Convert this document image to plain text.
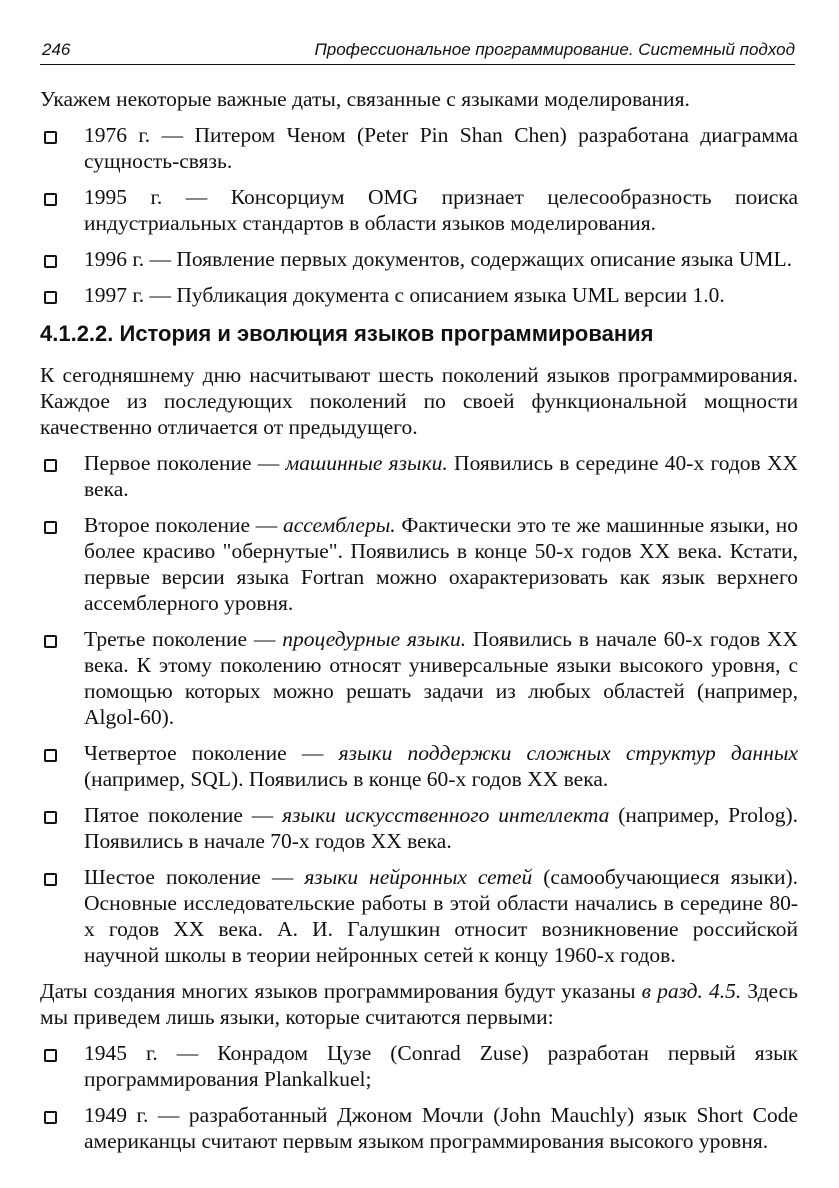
246	Профессиональное программирование. Системный подход

Укажем некоторые важные даты, связанные с языками моделирования.

1976 г. — Питером Ченом (Peter Pin Shan Chen) разработана диаграмма сущность-связь.
1995 г. — Консорциум OMG признает целесообразность поиска индустриальных стандартов в области языков моделирования.
1996 г. — Появление первых документов, содержащих описание языка UML.
1997 г. — Публикация документа с описанием языка UML версии 1.0.
4.1.2.2. История и эволюция языков программирования

К сегодняшнему дню насчитывают шесть поколений языков программирования. Каждое из последующих поколений по своей функциональной мощности качественно отличается от предыдущего.

Первое поколение — машинные языки. Появились в середине 40-х годов XX века.
Второе поколение — ассемблеры. Фактически это те же машинные языки, но более красиво "обернутые". Появились в конце 50-х годов XX века. Кстати, первые версии языка Fortran можно охарактеризовать как язык верхнего ассемблерного уровня.
Третье поколение — процедурные языки. Появились в начале 60-х годов XX века. К этому поколению относят универсальные языки высокого уровня, с помощью которых можно решать задачи из любых областей (например, Algol-60).
Четвертое поколение — языки поддержки сложных структур данных (например, SQL). Появились в конце 60-х годов XX века.
Пятое поколение — языки искусственного интеллекта (например, Prolog). Появились в начале 70-х годов XX века.
Шестое поколение — языки нейронных сетей (самообучающиеся языки). Основные исследовательские работы в этой области начались в середине 80-х годов XX века. А. И. Галушкин относит возникновение российской научной школы в теории нейронных сетей к концу 1960-х годов.

Даты создания многих языков программирования будут указаны в разд. 4.5. Здесь мы приведем лишь языки, которые считаются первыми:

1945 г. — Конрадом Цузе (Conrad Zuse) разработан первый язык программирования Plankalkuel;
1949 г. — разработанный Джоном Мочли (John Mauchly) язык Short Code американцы считают первым языком программирования высокого уровня.
